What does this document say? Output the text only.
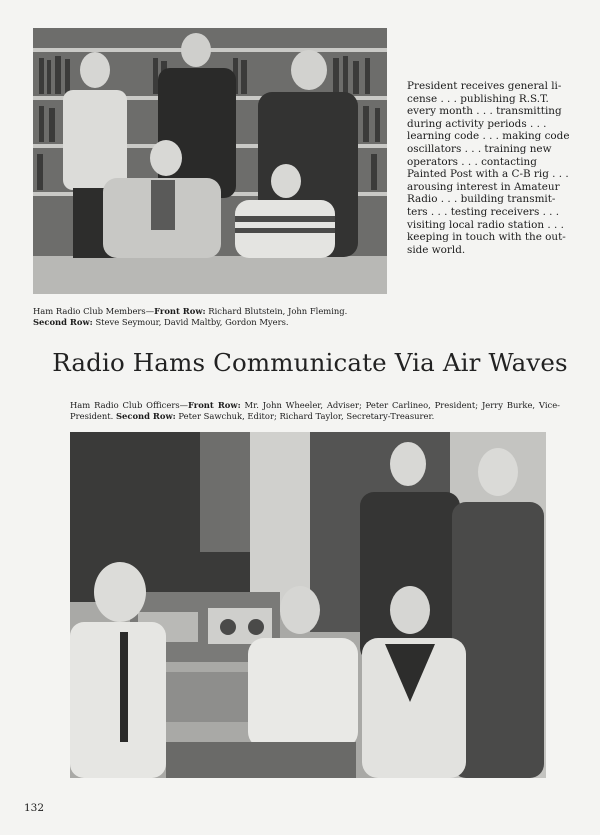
President receives general li-
cense . . . publishing R.S.T.
every month . . . transmitting
during activity periods . . .
learning code . . . making code
oscillators . . . training new
operators . . . contacting
Painted Post with a C-B rig . . .
arousing interest in Amateur
Radio . . . building transmit-
ters . . . testing receivers . . .
visiting local radio station . . .
keeping in touch with the out-
side world.
Ham Radio Club Members—Front Row: Richard Blutstein, John Fleming.
Second Row: Steve Seymour, David Maltby, Gordon Myers.
Radio Hams Communicate Via Air Waves
Ham Radio Club Officers—Front Row: Mr. John Wheeler, Adviser; Peter Carlineo, President; Jerry Burke, Vice-President. Second Row: Peter Sawchuk, Editor; Richard Taylor, Secretary-Treasurer.
132
